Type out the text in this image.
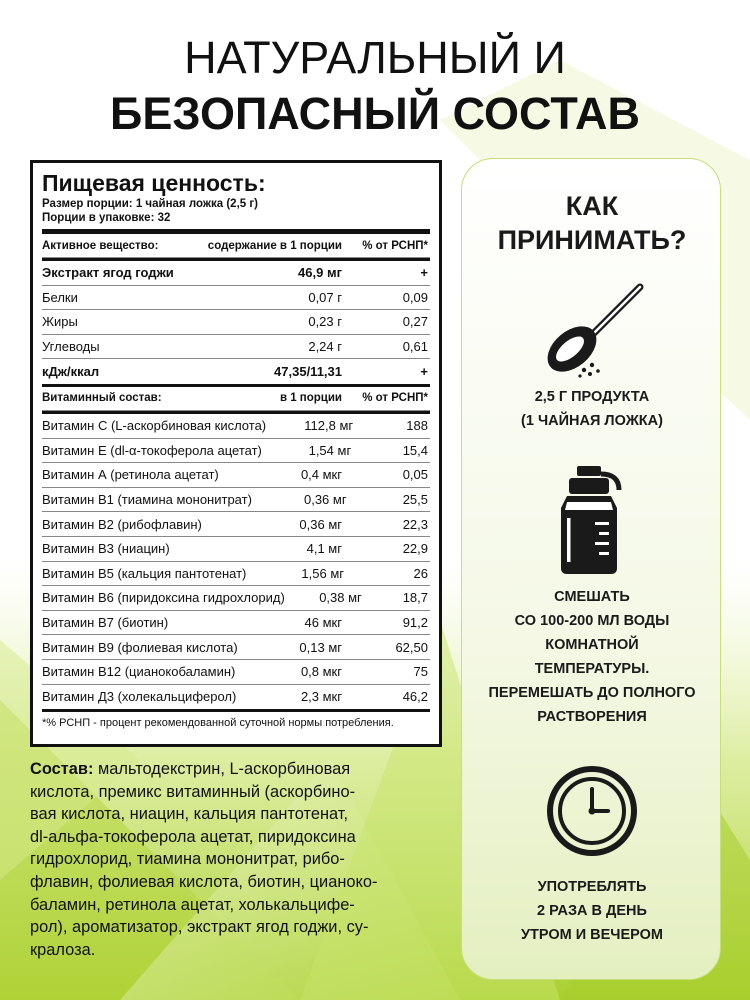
НАТУРАЛЬНЫЙ И
БЕЗОПАСНЫЙ СОСТАВ
Пищевая ценность:
Размер порции: 1 чайная ложка (2,5 г)
Порции в упаковке: 32
Активное вещество:	содержание в 1 порции	% от РСНП*
Экстракт ягод годжи	46,9 мг	+
Белки	0,07 г	0,09
Жиры	0,23 г	0,27
Углеводы	2,24 г	0,61
кДж/ккал	47,35/11,31	+
Витаминный состав:	в 1 порции	% от РСНП*
Витамин С (L-аскорбиновая кислота)	112,8 мг	188
Витамин Е (dl-α-токоферола ацетат)	1,54 мг	15,4
Витамин А (ретинола ацетат)	0,4 мкг	0,05
Витамин В1 (тиамина мононитрат)	0,36 мг	25,5
Витамин В2 (рибофлавин)	0,36 мг	22,3
Витамин В3 (ниацин)	4,1 мг	22,9
Витамин В5 (кальция пантотенат)	1,56 мг	26
Витамин В6 (пиридоксина гидрохлорид)	0,38 мг	18,7
Витамин В7 (биотин)	46 мкг	91,2
Витамин В9 (фолиевая кислота)	0,13 мг	62,50
Витамин В12 (цианокобаламин)	0,8 мкг	75
Витамин Д3 (холекальциферол)	2,3 мкг	46,2
*% РСНП - процент рекомендованной суточной нормы потребления.
Состав: мальтодекстрин, L-аскорбиновая
кислота, премикс витаминный (аскорбино-
вая кислота, ниацин, кальция пантотенат,
dl-альфа-токоферола ацетат, пиридоксина
гидрохлорид, тиамина мононитрат, рибо-
флавин, фолиевая кислота, биотин, цианоко-
баламин, ретинола ацетат, холькальцифе-
рол), ароматизатор, экстракт ягод годжи, су-
кралоза.
КАК
ПРИНИМАТЬ?
2,5 Г ПРОДУКТА
(1 ЧАЙНАЯ ЛОЖКА)
СМЕШАТЬ
СО 100-200 МЛ ВОДЫ
КОМНАТНОЙ
ТЕМПЕРАТУРЫ.
ПЕРЕМЕШАТЬ ДО ПОЛНОГО
РАСТВОРЕНИЯ
УПОТРЕБЛЯТЬ
2 РАЗА В ДЕНЬ
УТРОМ И ВЕЧЕРОМ
